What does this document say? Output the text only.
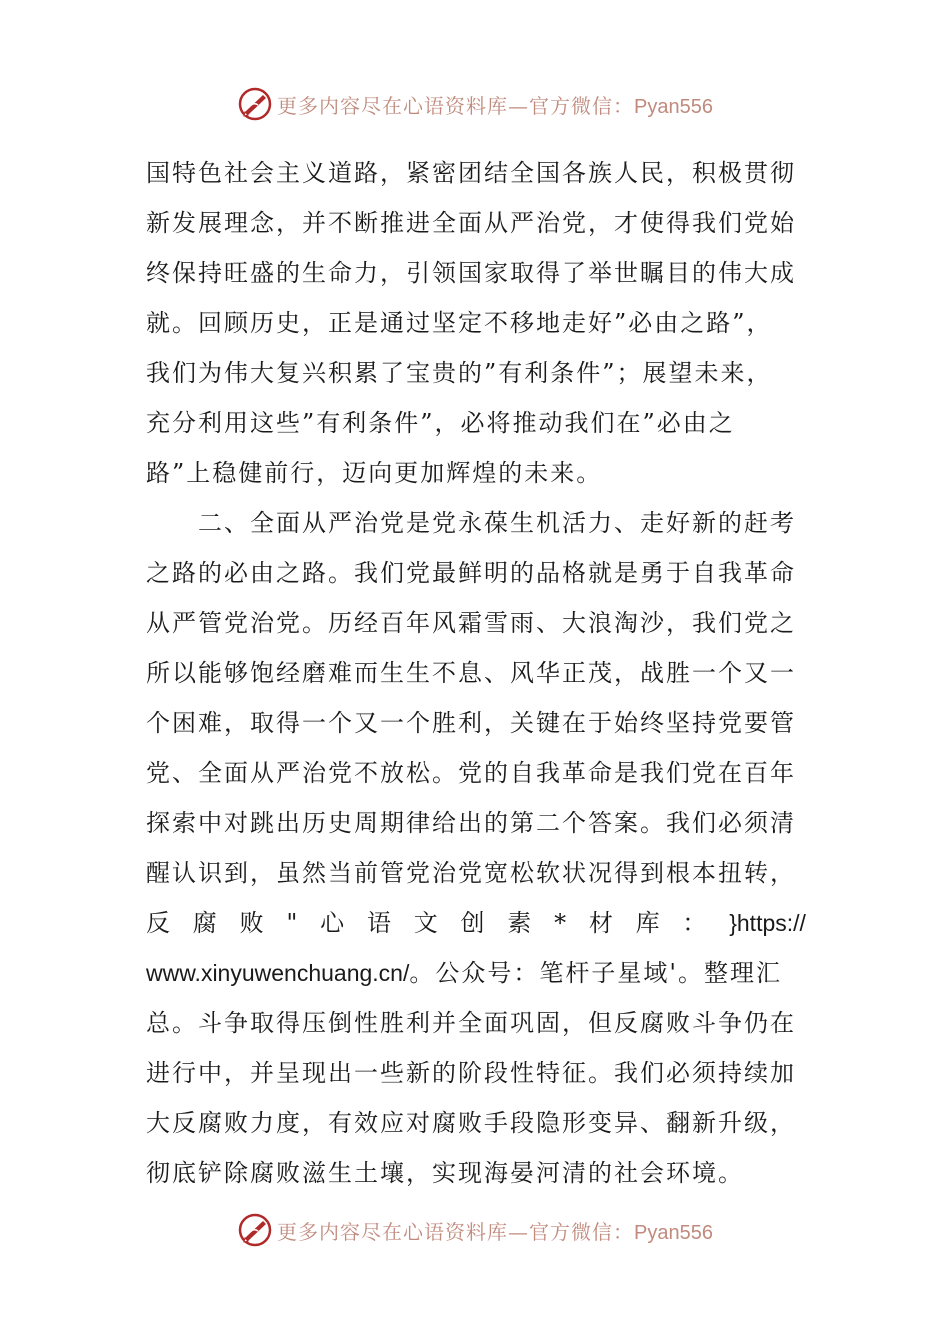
更多内容尽在心语资料库—官方微信：Pyan556
国特色社会主义道路，紧密团结全国各族人民，积极贯彻
新发展理念，并不断推进全面从严治党，才使得我们党始
终保持旺盛的生命力，引领国家取得了举世瞩目的伟大成
就。回顾历史，正是通过坚定不移地走好”必由之路”，
我们为伟大复兴积累了宝贵的”有利条件”；展望未来，
充分利用这些”有利条件”，必将推动我们在”必由之
路”上稳健前行，迈向更加辉煌的未来。
　　二、全面从严治党是党永葆生机活力、走好新的赶考
之路的必由之路。我们党最鲜明的品格就是勇于自我革命
从严管党治党。历经百年风霜雪雨、大浪淘沙，我们党之
所以能够饱经磨难而生生不息、风华正茂，战胜一个又一
个困难，取得一个又一个胜利，关键在于始终坚持党要管
党、全面从严治党不放松。党的自我革命是我们党在百年
探索中对跳出历史周期律给出的第二个答案。我们必须清
醒认识到，虽然当前管党治党宽松软状况得到根本扭转，
反 腐 败 " 心 语 文 创 素 * 材 库 ： }https://
www.xinyuwenchuang.cn/。公众号：笔杆子星域'。整理汇
总。斗争取得压倒性胜利并全面巩固，但反腐败斗争仍在
进行中，并呈现出一些新的阶段性特征。我们必须持续加
大反腐败力度，有效应对腐败手段隐形变异、翻新升级，
彻底铲除腐败滋生土壤，实现海晏河清的社会环境。
更多内容尽在心语资料库—官方微信：Pyan556
